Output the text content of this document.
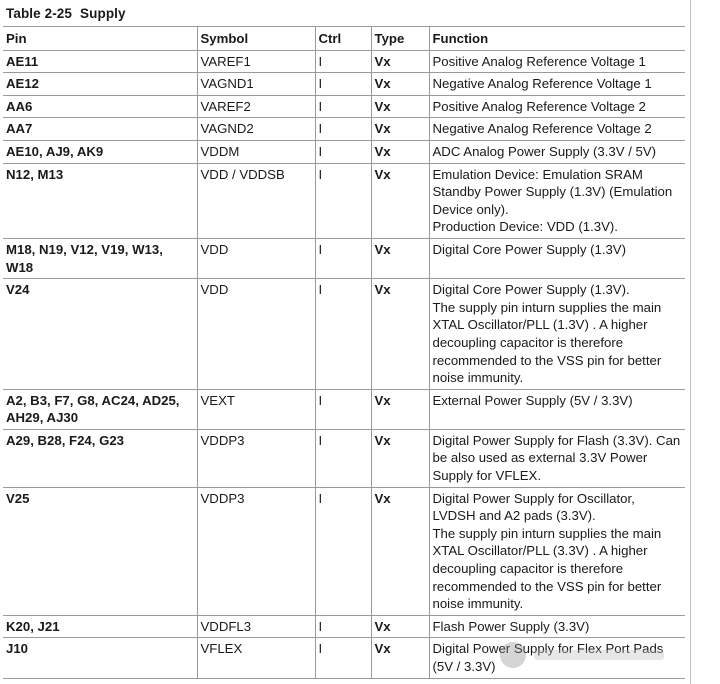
Table 2-25 Supply
Pin	Symbol	Ctrl	Type	Function
AE11	VAREF1	I	Vx	Positive Analog Reference Voltage 1

AE12	VAGND1	I	Vx	Negative Analog Reference Voltage 1

AA6	VAREF2	I	Vx	Positive Analog Reference Voltage 2

AA7	VAGND2	I	Vx	Negative Analog Reference Voltage 2

AE10, AJ9, AK9	VDDM	I	Vx	ADC Analog Power Supply (3.3V / 5V)

N12, M13	VDD / VDDSB	I	Vx	Emulation Device: Emulation SRAM Standby Power Supply (1.3V) (Emulation Device only).
Production Device: VDD (1.3V).

M18, N19, V12, V19, W13, W18	VDD	I	Vx	Digital Core Power Supply (1.3V)

V24	VDD	I	Vx	Digital Core Power Supply (1.3V).
The supply pin inturn supplies the main XTAL Oscillator/PLL (1.3V) . A higher decoupling capacitor is therefore recommended to the VSS pin for better noise immunity.

A2, B3, F7, G8, AC24, AD25, AH29, AJ30	VEXT	I	Vx	External Power Supply (5V / 3.3V)

A29, B28, F24, G23	VDDP3	I	Vx	Digital Power Supply for Flash (3.3V). Can be also used as external 3.3V Power Supply for VFLEX.

V25	VDDP3	I	Vx	Digital Power Supply for Oscillator, LVDSH and A2 pads (3.3V).
The supply pin inturn supplies the main XTAL Oscillator/PLL (3.3V) . A higher decoupling capacitor is therefore recommended to the VSS pin for better noise immunity.

K20, J21	VDDFL3	I	Vx	Flash Power Supply (3.3V)

J10	VFLEX	I	Vx	Digital Power Supply for Flex Port Pads (5V / 3.3V)
